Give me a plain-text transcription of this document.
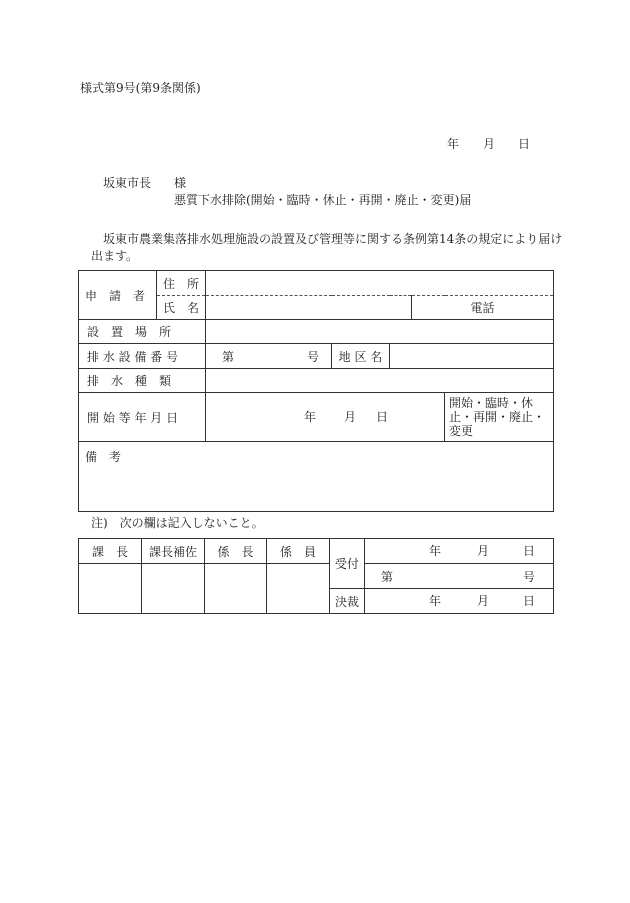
様式第9号(第9条関係)
年 月 日
坂東市長 様
悪質下水排除(開始・臨時・休止・再開・廃止・変更)届
坂東市農業集落排水処理施設の設置及び管理等に関する条例第14条の規定により届け
出ます。
申　請　者	住　所						
	氏　名				電話		

設　置　場　所							

排 水 設 備 番 号		第 号	地 区 名				

排　水　種　類							

開 始 等 年 月 日		年 月 日				開始・臨時・休止・再開・廃止・変更	
備　考							
注)　次の欄は記入しないこと。
課　長	課長補佐	係　長	係　員	受付	年 月 日

					第 号

				決裁	年 月 日
